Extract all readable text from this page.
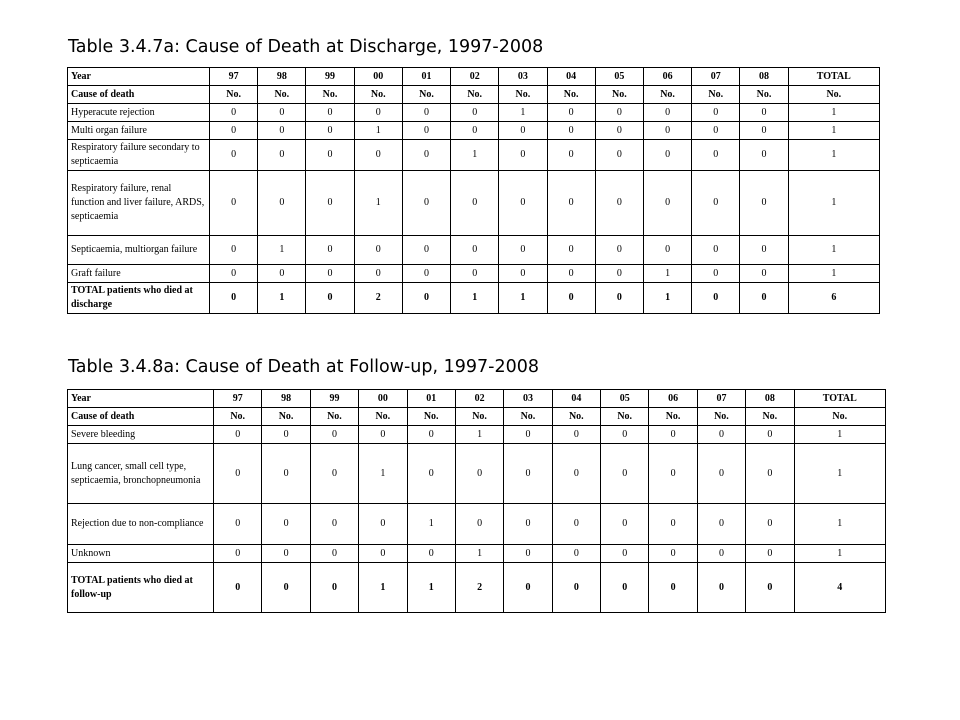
Table 3.4.7a: Cause of Death at Discharge, 1997-2008
Year	97	98	99	00	01	02	03	04	05	06	07	08	TOTAL
Cause of death	No.	No.	No.	No.	No.	No.	No.	No.	No.	No.	No.	No.	No.
Hyperacute rejection	0	0	0	0	0	0	1	0	0	0	0	0	1
Multi organ failure	0	0	0	1	0	0	0	0	0	0	0	0	1
Respiratory failure secondary to septicaemia	0	0	0	0	0	1	0	0	0	0	0	0	1
Respiratory failure, renal function and liver failure, ARDS, septicaemia	0	0	0	1	0	0	0	0	0	0	0	0	1
Septicaemia, multiorgan failure	0	1	0	0	0	0	0	0	0	0	0	0	1
Graft failure	0	0	0	0	0	0	0	0	0	1	0	0	1
TOTAL patients who died at discharge	0	1	0	2	0	1	1	0	0	1	0	0	6
Table 3.4.8a: Cause of Death at Follow-up, 1997-2008
Year	97	98	99	00	01	02	03	04	05	06	07	08	TOTAL
Cause of death	No.	No.	No.	No.	No.	No.	No.	No.	No.	No.	No.	No.	No.
Severe bleeding	0	0	0	0	0	1	0	0	0	0	0	0	1
Lung cancer, small cell type, septicaemia, bronchopneumonia	0	0	0	1	0	0	0	0	0	0	0	0	1
Rejection due to non-compliance	0	0	0	0	1	0	0	0	0	0	0	0	1
Unknown	0	0	0	0	0	1	0	0	0	0	0	0	1
TOTAL patients who died at follow-up	0	0	0	1	1	2	0	0	0	0	0	0	4
